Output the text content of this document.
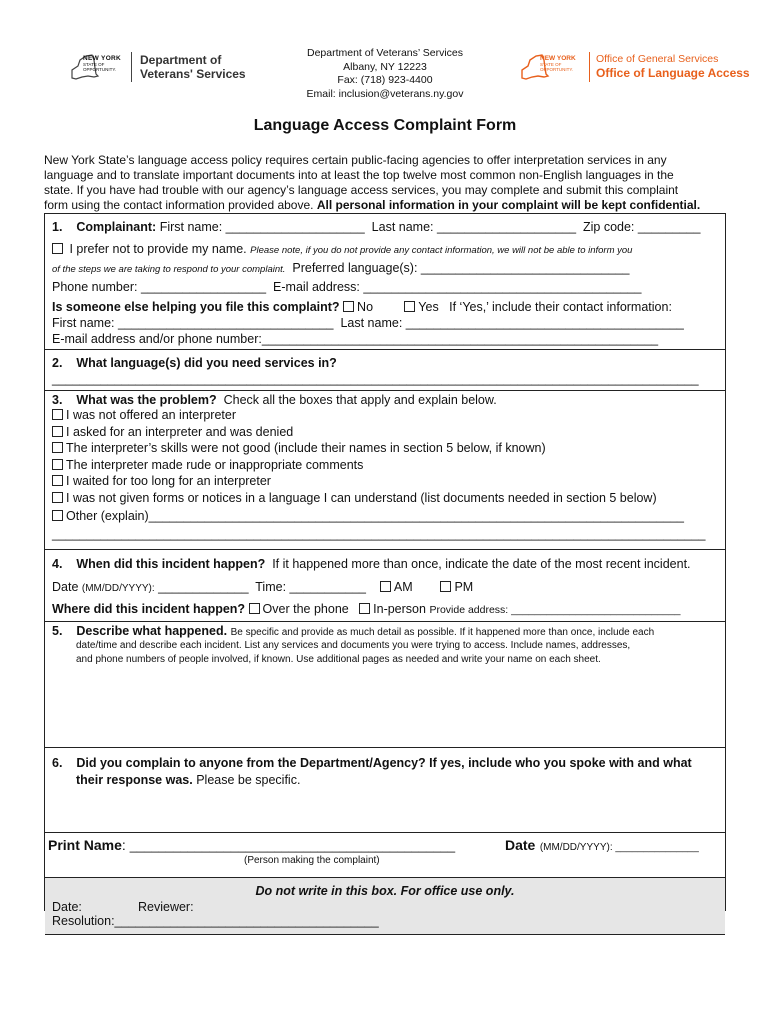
NEW YORK
STATE OF OPPORTUNITY.
Department of
Veterans' Services
Department of Veterans’ Services
Albany, NY 12223
Fax: (718) 923-4400
Email: inclusion@veterans.ny.gov
NEW YORK
STATE OF OPPORTUNITY.
Office of General Services
Office of Language Access
Language Access Complaint Form
New York State’s language access policy requires certain public-facing agencies to offer interpretation services in any
language and to translate important documents into at least the top twelve most common non-English languages in the
state. If you have had trouble with our agency’s language access services, you may complete and submit this complaint
form using the contact information provided above. All personal information in your complaint will be kept confidential.
1. Complainant: First name: ____________________ Last name: ____________________ Zip code: _________
I prefer not to provide my name. Please note, if you do not provide any contact information, we will not be able to inform you
of the steps we are taking to respond to your complaint. Preferred language(s): ______________________________
Phone number: __________________ E-mail address: ________________________________________
Is someone else helping you file this complaint? No	Yes If ‘Yes,’ include their contact information:
First name: _______________________________ Last name: ________________________________________
E-mail address and/or phone number:_________________________________________________________
2. What language(s) did you need services in?
_____________________________________________________________________________________________
3. What was the problem? Check all the boxes that apply and explain below.
I was not offered an interpreter
I asked for an interpreter and was denied
The interpreter’s skills were not good (include their names in section 5 below, if known)
The interpreter made rude or inappropriate comments
I waited for too long for an interpreter
I was not given forms or notices in a language I can understand (list documents needed in section 5 below)
Other (explain)_____________________________________________________________________________
______________________________________________________________________________________________
4. When did this incident happen? If it happened more than once, indicate the date of the most recent incident.
Date (MM/DD/YYYY): _____________ Time: ___________ AM	PM
Where did this incident happen? Over the phone In-person Provide address: _____________________________
5. Describe what happened. Be specific and provide as much detail as possible. If it happened more than once, include each
date/time and describe each incident. List any services and documents you were trying to access. Include names, addresses,
and phone numbers of people involved, if known. Use additional pages as needed and write your name on each sheet.
6. Did you complain to anyone from the Department/Agency? If yes, include who you spoke with and what
their response was. Please be specific.
Print Name: _____________________________________________	Date (MM/DD/YYYY): _______________
(Person making the complaint)
Do not write in this box. For office use only.
Date:	Reviewer:
Resolution:______________________________________
